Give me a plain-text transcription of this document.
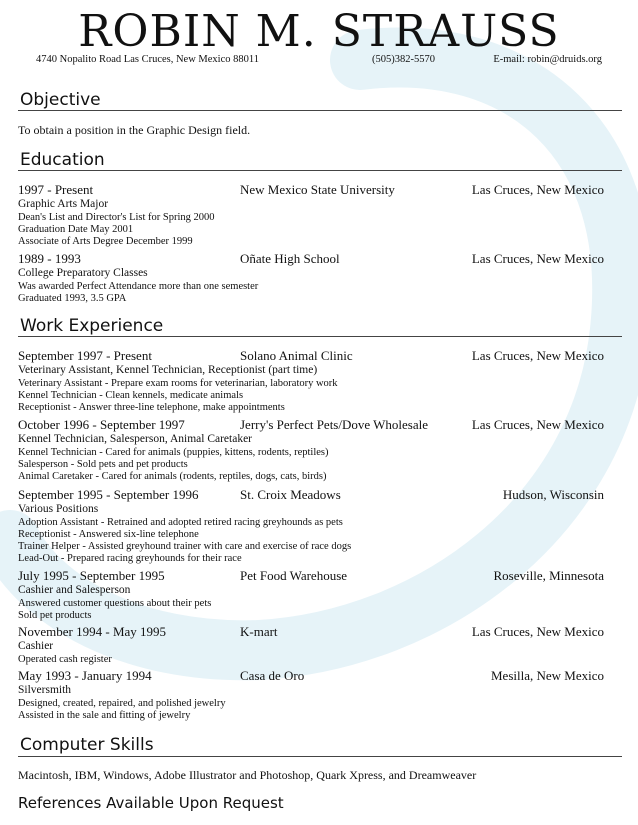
ROBIN M. STRAUSS
4740 Nopalito Road Las Cruces, New Mexico 88011	(505)382-5570	E-mail: robin@druids.org
Objective
To obtain a position in the Graphic Design field.
Education
1997 - Present	New Mexico State University	Las Cruces, New Mexico
Graphic Arts Major
Dean's List and Director's List for Spring 2000
Graduation Date May 2001
Associate of Arts Degree December 1999
1989 - 1993	Oñate High School	Las Cruces, New Mexico
College Preparatory Classes
Was awarded Perfect Attendance more than one semester
Graduated 1993, 3.5 GPA
Work Experience
September 1997 - Present	Solano Animal Clinic	Las Cruces, New Mexico
Veterinary Assistant, Kennel Technician, Receptionist (part time)
Veterinary Assistant - Prepare exam rooms for veterinarian, laboratory work
Kennel Technician - Clean kennels, medicate animals
Receptionist - Answer three-line telephone, make appointments
October 1996 - September 1997	Jerry's Perfect Pets/Dove Wholesale	Las Cruces, New Mexico
Kennel Technician, Salesperson, Animal Caretaker
Kennel Technician - Cared for animals (puppies, kittens, rodents, reptiles)
Salesperson - Sold pets and pet products
Animal Caretaker - Cared for animals (rodents, reptiles, dogs, cats, birds)
September 1995 - September 1996	St. Croix Meadows	Hudson, Wisconsin
Various Positions
Adoption Assistant - Retrained and adopted retired racing greyhounds as pets
Receptionist - Answered six-line telephone
Trainer Helper - Assisted greyhound trainer with care and exercise of race dogs
Lead-Out - Prepared racing greyhounds for their race
July 1995 - September 1995	Pet Food Warehouse	Roseville, Minnesota
Cashier and Salesperson
Answered customer questions about their pets
Sold pet products
November 1994 - May 1995	K-mart	Las Cruces, New Mexico
Cashier
Operated cash register
May 1993 - January 1994	Casa de Oro	Mesilla, New Mexico
Silversmith
Designed, created, repaired, and polished jewelry
Assisted in the sale and fitting of jewelry
Computer Skills
Macintosh, IBM, Windows, Adobe Illustrator and Photoshop, Quark Xpress, and Dreamweaver
References Available Upon Request
